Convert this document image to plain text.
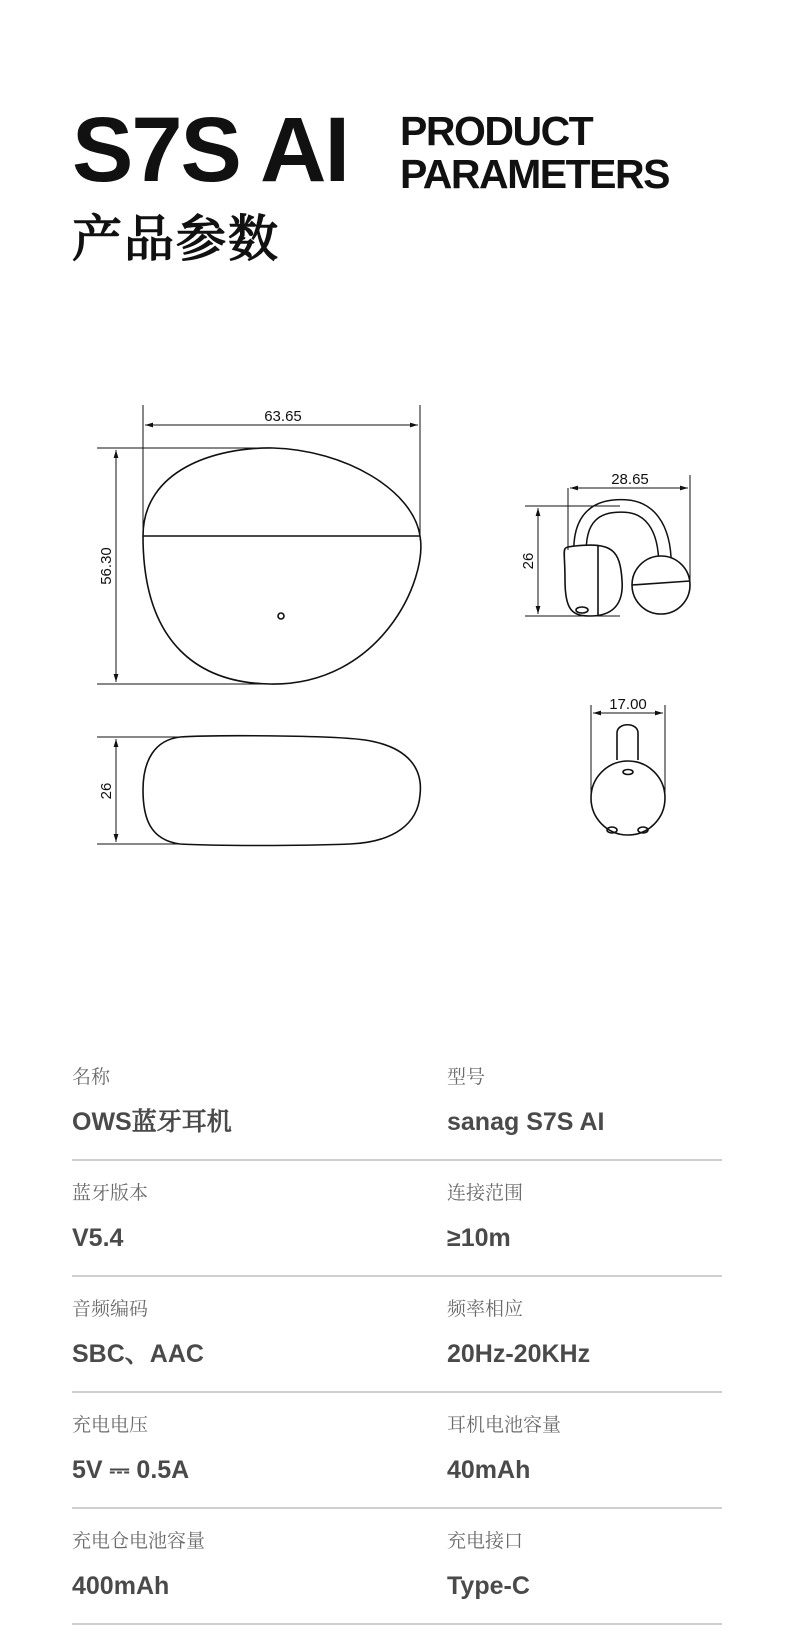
S7S AI PRODUCT
PARAMETERS
产品参数
63.65
56.30
26
28.65
26
17.00
名称
OWS蓝牙耳机
型号
sanag S7S AI
蓝牙版本
V5.4
连接范围
≥10m
音频编码
SBC、AAC
频率相应
20Hz-20KHz
充电电压
5V ⎓ 0.5A
耳机电池容量
40mAh
充电仓电池容量
400mAh
充电接口
Type-C
